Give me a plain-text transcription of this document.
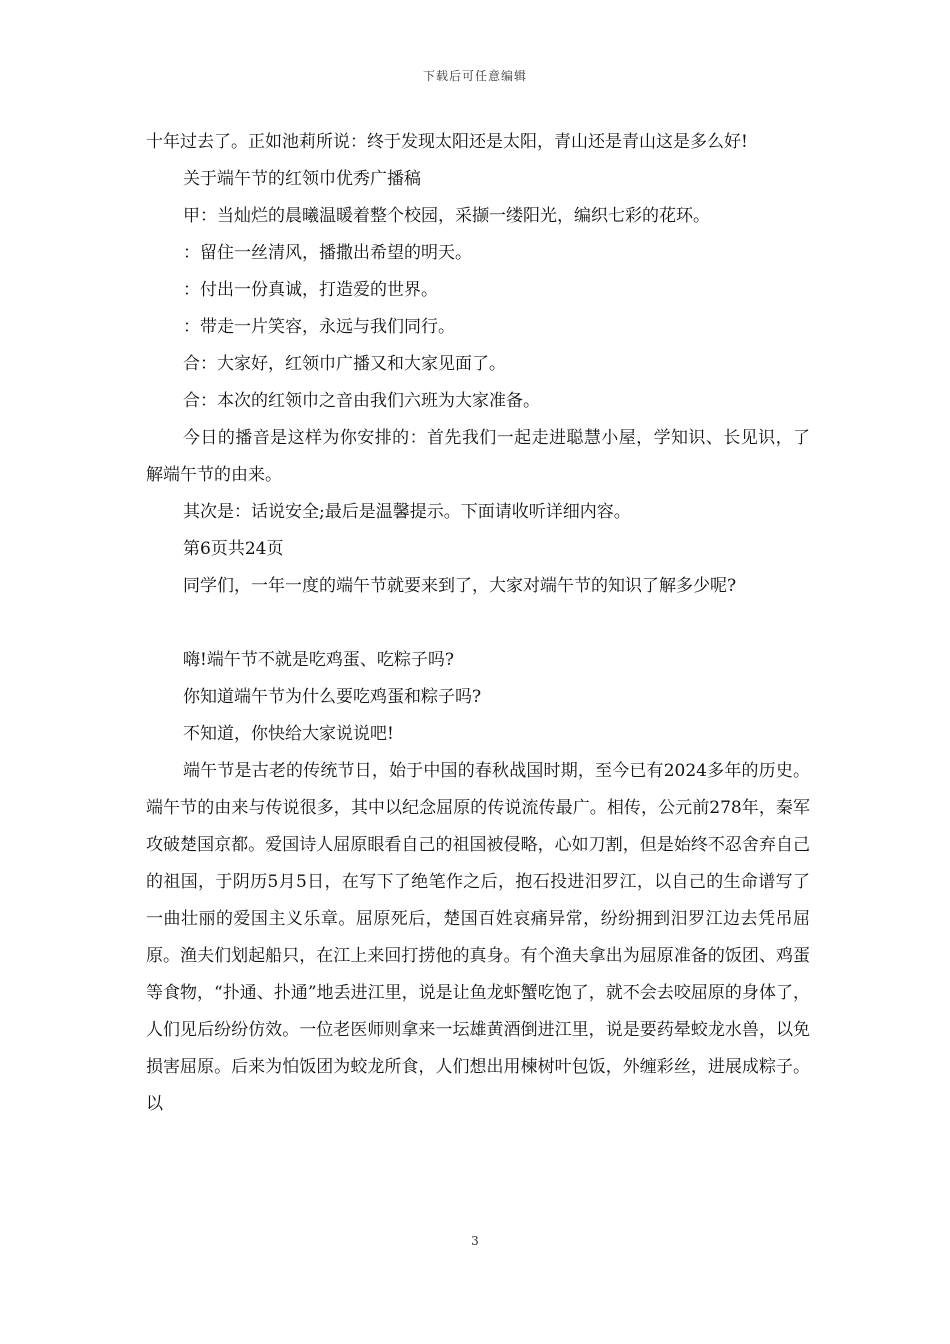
下载后可任意编辑

十年过去了。正如池莉所说：终于发现太阳还是太阳，青山还是青山这是多么好!

关于端午节的红领巾优秀广播稿

甲：当灿烂的晨曦温暖着整个校园，采撷一缕阳光，编织七彩的花环。

：留住一丝清风，播撒出希望的明天。

：付出一份真诚，打造爱的世界。

：带走一片笑容，永远与我们同行。

合：大家好，红领巾广播又和大家见面了。

合：本次的红领巾之音由我们六班为大家准备。

今日的播音是这样为你安排的：首先我们一起走进聪慧小屋，学知识、长见识，了解端午节的由来。

其次是：话说安全;最后是温馨提示。下面请收听详细内容。

第6页共24页

同学们，一年一度的端午节就要来到了，大家对端午节的知识了解多少呢?

嗨!端午节不就是吃鸡蛋、吃粽子吗?

你知道端午节为什么要吃鸡蛋和粽子吗?

不知道，你快给大家说说吧!

端午节是古老的传统节日，始于中国的春秋战国时期，至今已有2024多年的历史。端午节的由来与传说很多，其中以纪念屈原的传说流传最广。相传，公元前278年，秦军攻破楚国京都。爱国诗人屈原眼看自己的祖国被侵略，心如刀割，但是始终不忍舍弃自己的祖国，于阴历5月5日，在写下了绝笔作之后，抱石投进汨罗江，以自己的生命谱写了一曲壮丽的爱国主义乐章。屈原死后，楚国百姓哀痛异常，纷纷拥到汨罗江边去凭吊屈原。渔夫们划起船只，在江上来回打捞他的真身。有个渔夫拿出为屈原准备的饭团、鸡蛋等食物，“扑通、扑通”地丢进江里，说是让鱼龙虾蟹吃饱了，就不会去咬屈原的身体了，人们见后纷纷仿效。一位老医师则拿来一坛雄黄酒倒进江里，说是要药晕蛟龙水兽，以免损害屈原。后来为怕饭团为蛟龙所食，人们想出用楝树叶包饭，外缠彩丝，进展成粽子。以

3
